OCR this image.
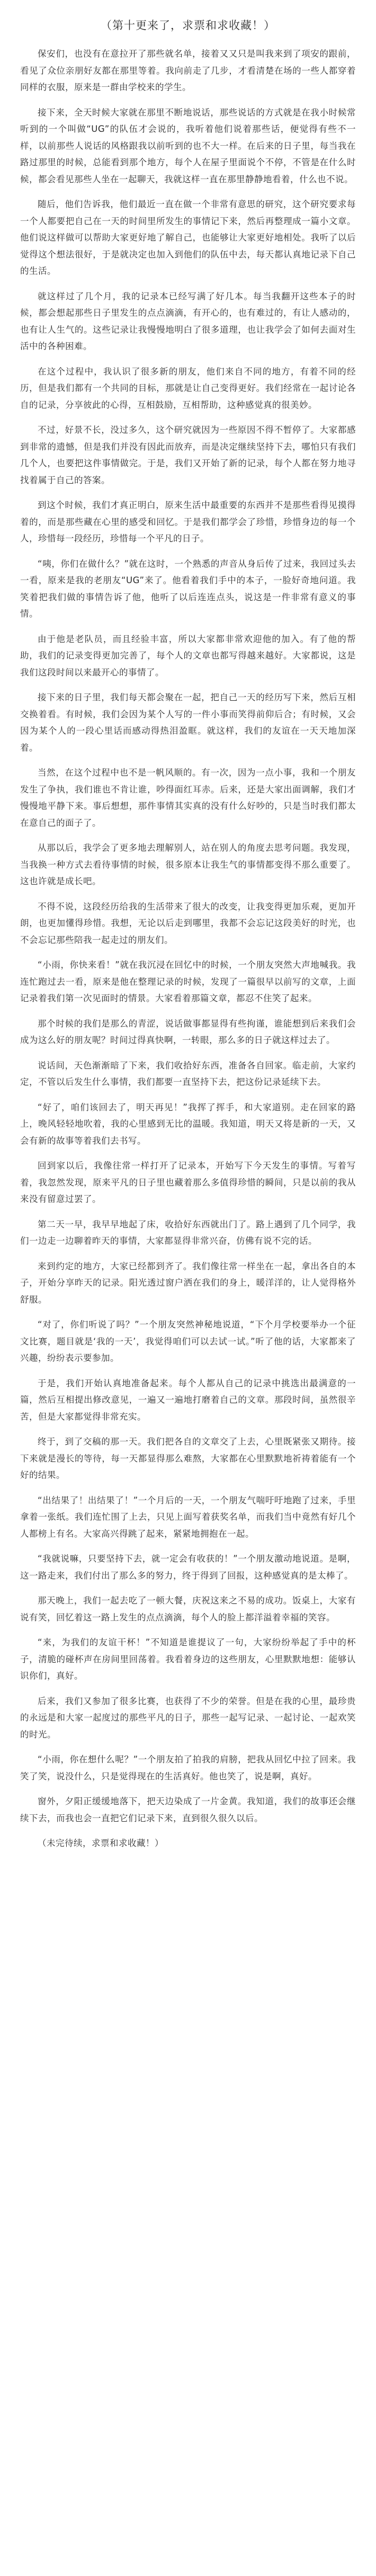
（第十更来了，求票和求收藏！）

保安们，也没有在意拉开了那些就名单，接着又又只是叫我来到了项安的跟前，看见了众位亲朋好友都在那里等着。我向前走了几步，才看清楚在场的一些人都穿着同样的衣服，原来是一群由学校来的学生。

接下来，全天时候大家就在那里不断地说话，那些说话的方式就是在我小时候常听到的一个叫做“UG”的队伍才会说的，我听着他们说着那些话，便觉得有些不一样，以前那些人说话的风格跟我以前听到的也不大一样。在后来的日子里，每当我在路过那里的时候，总能看到那个地方，每个人在屋子里面说个不停，不管是在什么时候，都会看见那些人坐在一起聊天，我就这样一直在那里静静地看着，什么也不说。

随后，他们告诉我，他们最近一直在做一个非常有意思的研究，这个研究要求每一个人都要把自己在一天的时间里所发生的事情记下来，然后再整理成一篇小文章。他们说这样做可以帮助大家更好地了解自己，也能够让大家更好地相处。我听了以后觉得这个想法很好，于是就决定也加入到他们的队伍中去，每天都认真地记录下自己的生活。

就这样过了几个月，我的记录本已经写满了好几本。每当我翻开这些本子的时候，都会想起那些日子里发生的点点滴滴，有开心的，也有难过的，有让人感动的，也有让人生气的。这些记录让我慢慢地明白了很多道理，也让我学会了如何去面对生活中的各种困难。

在这个过程中，我认识了很多新的朋友，他们来自不同的地方，有着不同的经历，但是我们都有一个共同的目标，那就是让自己变得更好。我们经常在一起讨论各自的记录，分享彼此的心得，互相鼓励，互相帮助，这种感觉真的很美妙。

不过，好景不长，没过多久，这个研究就因为一些原因不得不暂停了。大家都感到非常的遗憾，但是我们并没有因此而放弃，而是决定继续坚持下去，哪怕只有我们几个人，也要把这件事情做完。于是，我们又开始了新的记录，每个人都在努力地寻找着属于自己的答案。

到这个时候，我们才真正明白，原来生活中最重要的东西并不是那些看得见摸得着的，而是那些藏在心里的感受和回忆。于是我们都学会了珍惜，珍惜身边的每一个人，珍惜每一段经历，珍惜每一个平凡的日子。

“咦，你们在做什么？”就在这时，一个熟悉的声音从身后传了过来，我回过头去一看，原来是我的老朋友“UG”来了。他看着我们手中的本子，一脸好奇地问道。我笑着把我们做的事情告诉了他，他听了以后连连点头，说这是一件非常有意义的事情。

由于他是老队员，而且经验丰富，所以大家都非常欢迎他的加入。有了他的帮助，我们的记录变得更加完善了，每个人的文章也都写得越来越好。大家都说，这是我们这段时间以来最开心的事情了。

接下来的日子里，我们每天都会聚在一起，把自己一天的经历写下来，然后互相交换着看。有时候，我们会因为某个人写的一件小事而笑得前仰后合；有时候，又会因为某个人的一段心里话而感动得热泪盈眶。就这样，我们的友谊在一天天地加深着。

当然，在这个过程中也不是一帆风顺的。有一次，因为一点小事，我和一个朋友发生了争执，我们谁也不肯让谁，吵得面红耳赤。后来，还是大家出面调解，我们才慢慢地平静下来。事后想想，那件事情其实真的没有什么好吵的，只是当时我们都太在意自己的面子了。

从那以后，我学会了更多地去理解别人，站在别人的角度去思考问题。我发现，当我换一种方式去看待事情的时候，很多原本让我生气的事情都变得不那么重要了。这也许就是成长吧。

不得不说，这段经历给我的生活带来了很大的改变，让我变得更加乐观，更加开朗，也更加懂得珍惜。我想，无论以后走到哪里，我都不会忘记这段美好的时光，也不会忘记那些陪我一起走过的朋友们。

“小雨，你快来看！”就在我沉浸在回忆中的时候，一个朋友突然大声地喊我。我连忙跑过去一看，原来是他在整理记录的时候，发现了一篇很早以前写的文章，上面记录着我们第一次见面时的情景。大家看着那篇文章，都忍不住笑了起来。

那个时候的我们是那么的青涩，说话做事都显得有些拘谨，谁能想到后来我们会成为这么好的朋友呢？时间过得真快啊，一转眼，那么多的日子就这样过去了。

说话间，天色渐渐暗了下来，我们收拾好东西，准备各自回家。临走前，大家约定，不管以后发生什么事情，我们都要一直坚持下去，把这份记录延续下去。

“好了，咱们该回去了，明天再见！”我挥了挥手，和大家道别。走在回家的路上，晚风轻轻地吹着，我的心里感到无比的温暖。我知道，明天又将是新的一天，又会有新的故事等着我们去书写。

回到家以后，我像往常一样打开了记录本，开始写下今天发生的事情。写着写着，我忽然发现，原来平凡的日子里也藏着那么多值得珍惜的瞬间，只是以前的我从来没有留意过罢了。

第二天一早，我早早地起了床，收拾好东西就出门了。路上遇到了几个同学，我们一边走一边聊着昨天的事情，大家都显得非常兴奋，仿佛有说不完的话。

来到约定的地方，大家已经都到齐了。我们像往常一样坐在一起，拿出各自的本子，开始分享昨天的记录。阳光透过窗户洒在我们的身上，暖洋洋的，让人觉得格外舒服。

“对了，你们听说了吗？”一个朋友突然神秘地说道，“下个月学校要举办一个征文比赛，题目就是‘我的一天’，我觉得咱们可以去试一试。”听了他的话，大家都来了兴趣，纷纷表示要参加。

于是，我们开始认真地准备起来。每个人都从自己的记录中挑选出最满意的一篇，然后互相提出修改意见，一遍又一遍地打磨着自己的文章。那段时间，虽然很辛苦，但是大家都觉得非常充实。

终于，到了交稿的那一天。我们把各自的文章交了上去，心里既紧张又期待。接下来就是漫长的等待，每一天都显得那么难熬，大家都在心里默默地祈祷着能有一个好的结果。

“出结果了！出结果了！”一个月后的一天，一个朋友气喘吁吁地跑了过来，手里拿着一张纸。我们连忙围了上去，只见上面写着获奖名单，而我们当中竟然有好几个人都榜上有名。大家高兴得跳了起来，紧紧地拥抱在一起。

“我就说嘛，只要坚持下去，就一定会有收获的！”一个朋友激动地说道。是啊，这一路走来，我们付出了那么多的努力，终于得到了回报，这种感觉真的是太棒了。

那天晚上，我们一起去吃了一顿大餐，庆祝这来之不易的成功。饭桌上，大家有说有笑，回忆着这一路上发生的点点滴滴，每个人的脸上都洋溢着幸福的笑容。

“来，为我们的友谊干杯！”不知道是谁提议了一句，大家纷纷举起了手中的杯子，清脆的碰杯声在房间里回荡着。我看着身边的这些朋友，心里默默地想：能够认识你们，真好。

后来，我们又参加了很多比赛，也获得了不少的荣誉。但是在我的心里，最珍贵的永远是和大家一起度过的那些平凡的日子，那些一起写记录、一起讨论、一起欢笑的时光。

“小雨，你在想什么呢？”一个朋友拍了拍我的肩膀，把我从回忆中拉了回来。我笑了笑，说没什么，只是觉得现在的生活真好。他也笑了，说是啊，真好。

窗外，夕阳正缓缓地落下，把天边染成了一片金黄。我知道，我们的故事还会继续下去，而我也会一直把它们记录下来，直到很久很久以后。

（未完待续，求票和求收藏！）
